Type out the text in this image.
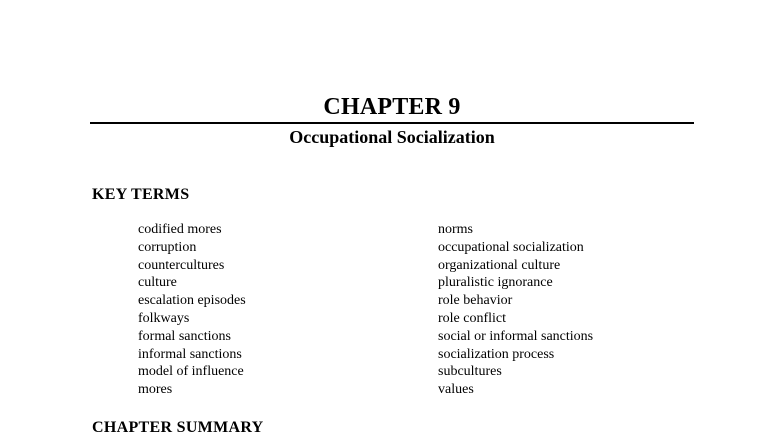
CHAPTER 9
Occupational Socialization
KEY TERMS
codified mores
corruption
countercultures
culture
escalation episodes
folkways
formal sanctions
informal sanctions
model of influence
mores
norms
occupational socialization
organizational culture
pluralistic ignorance
role behavior
role conflict
social or informal sanctions
socialization process
subcultures
values
CHAPTER SUMMARY
